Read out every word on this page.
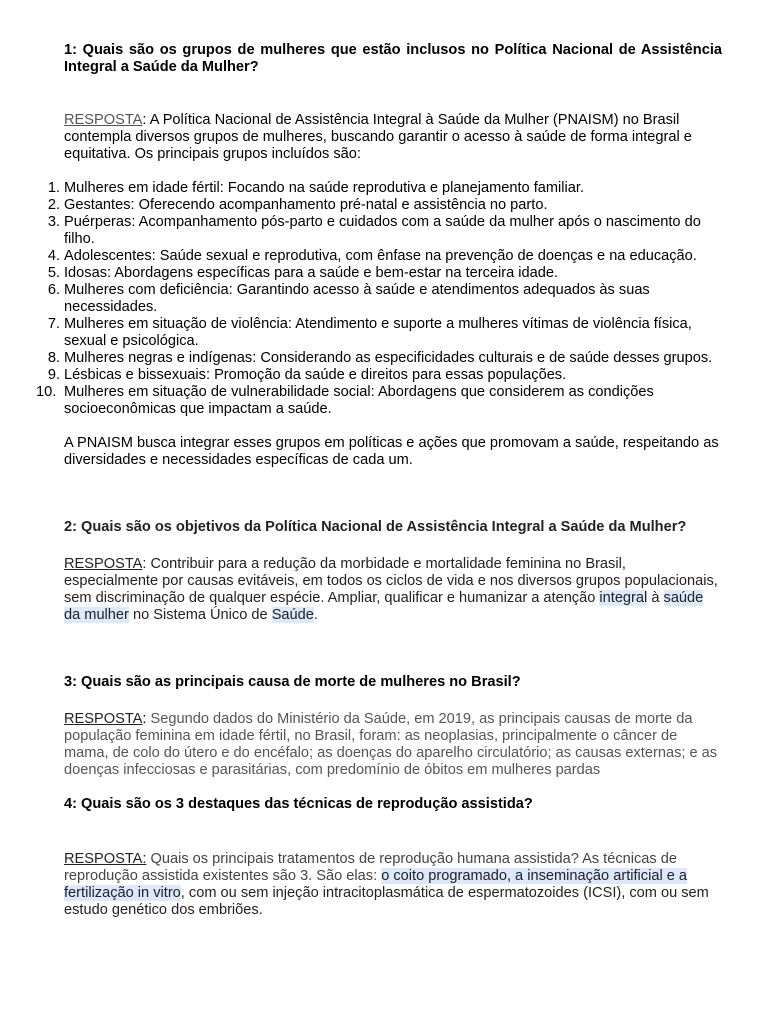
1: Quais são os grupos de mulheres que estão inclusos no Política Nacional de Assistência Integral a Saúde da Mulher?

RESPOSTA: A Política Nacional de Assistência Integral à Saúde da Mulher (PNAISM) no Brasil contempla diversos grupos de mulheres, buscando garantir o acesso à saúde de forma integral e equitativa. Os principais grupos incluídos são:

1. Mulheres em idade fértil: Focando na saúde reprodutiva e planejamento familiar.
2. Gestantes: Oferecendo acompanhamento pré-natal e assistência no parto.
3. Puérperas: Acompanhamento pós-parto e cuidados com a saúde da mulher após o nascimento do filho.
4. Adolescentes: Saúde sexual e reprodutiva, com ênfase na prevenção de doenças e na educação.
5. Idosas: Abordagens específicas para a saúde e bem-estar na terceira idade.
6. Mulheres com deficiência: Garantindo acesso à saúde e atendimentos adequados às suas necessidades.
7. Mulheres em situação de violência: Atendimento e suporte a mulheres vítimas de violência física, sexual e psicológica.
8. Mulheres negras e indígenas: Considerando as especificidades culturais e de saúde desses grupos.
9. Lésbicas e bissexuais: Promoção da saúde e direitos para essas populações.
10. Mulheres em situação de vulnerabilidade social: Abordagens que considerem as condições socioeconômicas que impactam a saúde.

A PNAISM busca integrar esses grupos em políticas e ações que promovam a saúde, respeitando as diversidades e necessidades específicas de cada um.

2: Quais são os objetivos da Política Nacional de Assistência Integral a Saúde da Mulher?

RESPOSTA: Contribuir para a redução da morbidade e mortalidade feminina no Brasil, especialmente por causas evitáveis, em todos os ciclos de vida e nos diversos grupos populacionais, sem discriminação de qualquer espécie. Ampliar, qualificar e humanizar a atenção integral à saúde da mulher no Sistema Único de Saúde.

3: Quais são as principais causa de morte de mulheres no Brasil?

RESPOSTA: Segundo dados do Ministério da Saúde, em 2019, as principais causas de morte da população feminina em idade fértil, no Brasil, foram: as neoplasias, principalmente o câncer de mama, de colo do útero e do encéfalo; as doenças do aparelho circulatório; as causas externas; e as doenças infecciosas e parasitárias, com predomínio de óbitos em mulheres pardas

4: Quais são os 3 destaques das técnicas de reprodução assistida?

RESPOSTA: Quais os principais tratamentos de reprodução humana assistida? As técnicas de reprodução assistida existentes são 3. São elas: o coito programado, a inseminação artificial e a fertilização in vitro, com ou sem injeção intracitoplasmática de espermatozoides (ICSI), com ou sem estudo genético dos embriões.
